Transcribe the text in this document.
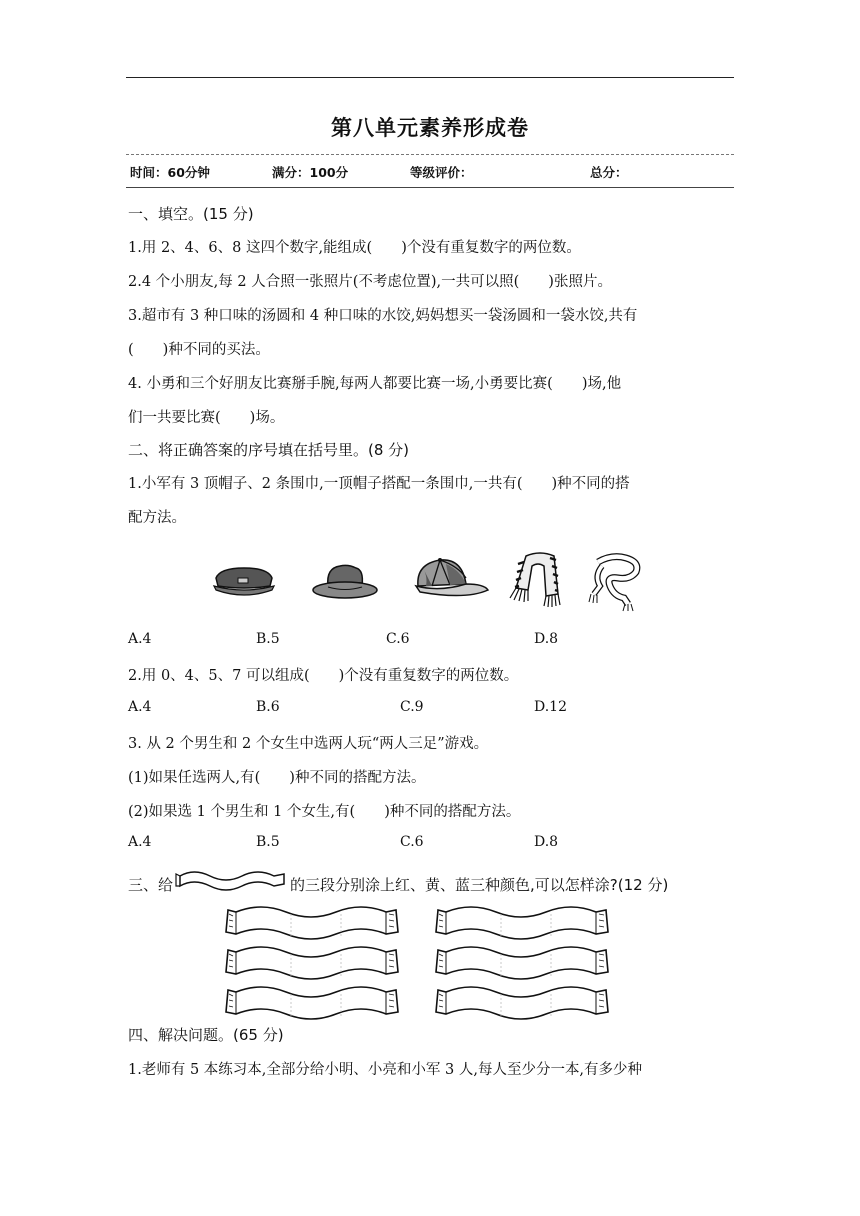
第八单元素养形成卷
时间：60分钟	满分：100分	等级评价：	总分：
一、填空。(15 分)
1.用 2、4、6、8 这四个数字,能组成(　　)个没有重复数字的两位数。
2.4 个小朋友,每 2 人合照一张照片(不考虑位置),一共可以照(　　)张照片。
3.超市有 3 种口味的汤圆和 4 种口味的水饺,妈妈想买一袋汤圆和一袋水饺,共有
(　　)种不同的买法。
4. 小勇和三个好朋友比赛掰手腕,每两人都要比赛一场,小勇要比赛(　　)场,他
们一共要比赛(　　)场。
二、将正确答案的序号填在括号里。(8 分)
1.小军有 3 顶帽子、2 条围巾,一顶帽子搭配一条围巾,一共有(　　)种不同的搭
配方法。
A.4	B.5	C.6	D.8
2.用 0、4、5、7 可以组成(　　)个没有重复数字的两位数。
A.4	B.6	C.9	D.12
3. 从 2 个男生和 2 个女生中选两人玩“两人三足”游戏。
(1)如果任选两人,有(　　)种不同的搭配方法。
(2)如果选 1 个男生和 1 个女生,有(　　)种不同的搭配方法。
A.4	B.5	C.6	D.8
三、给	的三段分别涂上红、黄、蓝三种颜色,可以怎样涂?(12 分)
四、解决问题。(65 分)
1.老师有 5 本练习本,全部分给小明、小亮和小军 3 人,每人至少分一本,有多少种
